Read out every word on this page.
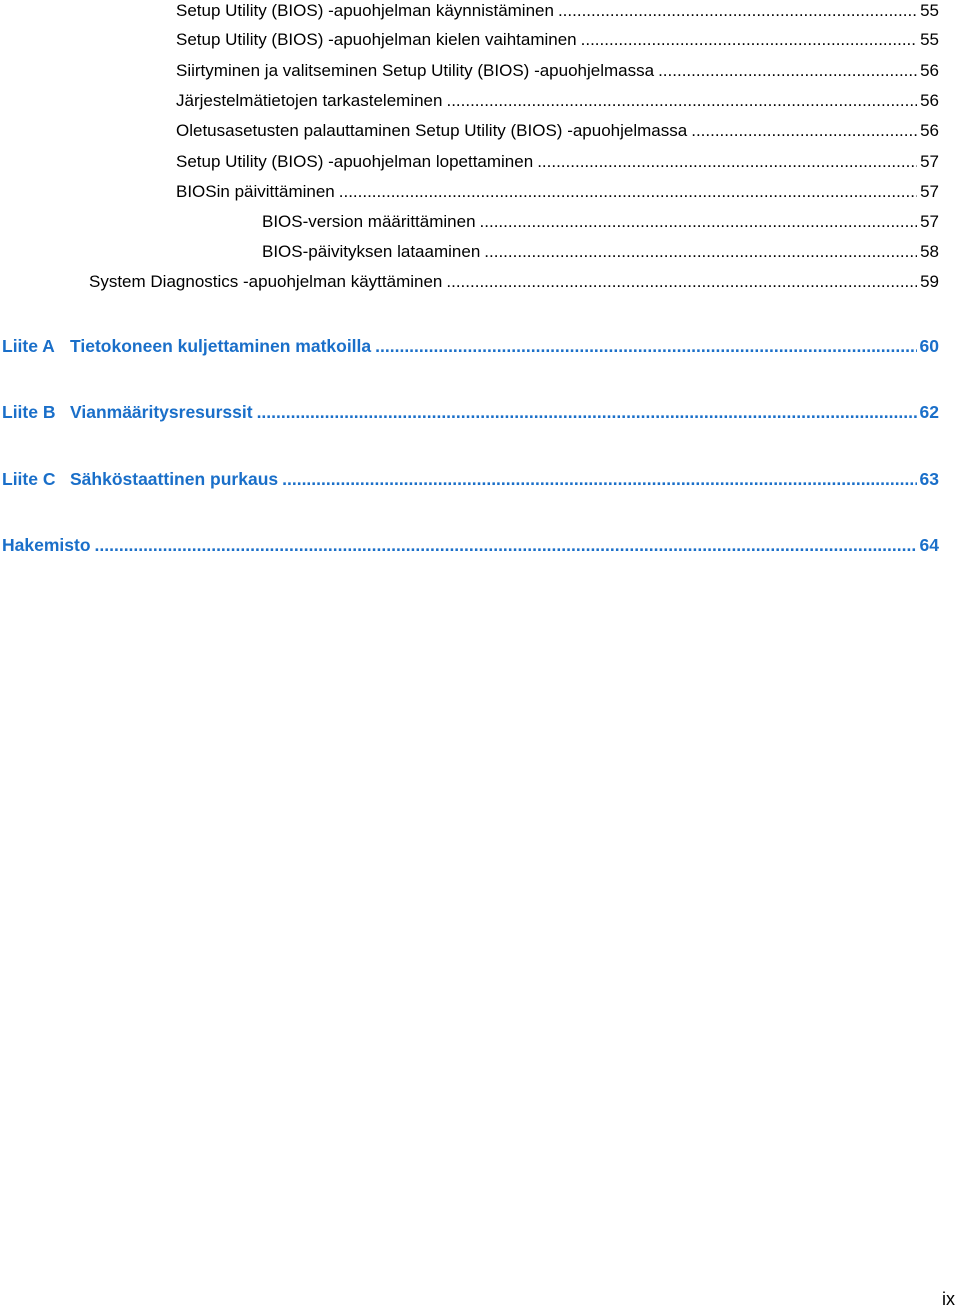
Setup Utility (BIOS) -apuohjelman käynnistäminen .....	55
Setup Utility (BIOS) -apuohjelman kielen vaihtaminen .....	55
Siirtyminen ja valitseminen Setup Utility (BIOS) -apuohjelmassa .....	56
Järjestelmätietojen tarkasteleminen .....	56
Oletusasetusten palauttaminen Setup Utility (BIOS) -apuohjelmassa .....	56
Setup Utility (BIOS) -apuohjelman lopettaminen .....	57
BIOSin päivittäminen .....	57
BIOS-version määrittäminen .....	57
BIOS-päivityksen lataaminen .....	58
System Diagnostics -apuohjelman käyttäminen .....	59
Liite A Tietokoneen kuljettaminen matkoilla .....	60
Liite B Vianmääritysresurssit .....	62
Liite C Sähköstaattinen purkaus .....	63
Hakemisto .....	64
ix
